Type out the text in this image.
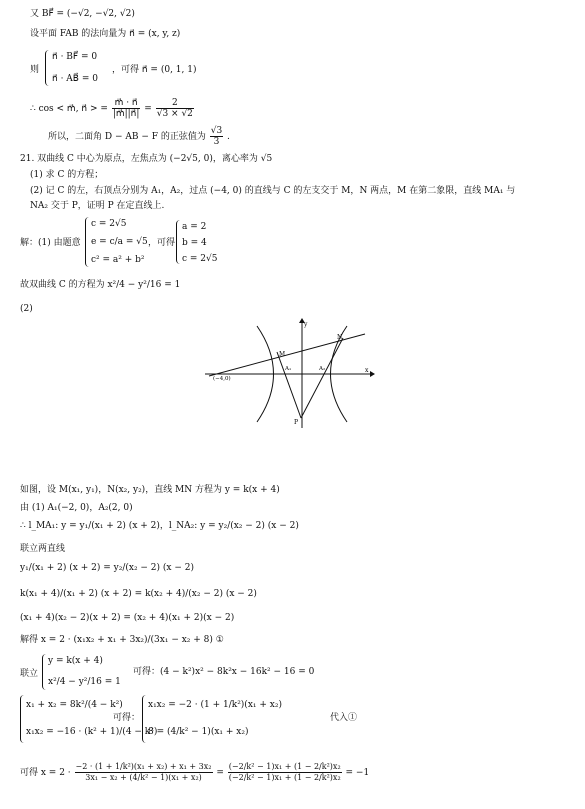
又 BF⃗ = (−√2, −√2, √2)
设平面 FAB 的法向量为 n⃗ = (x, y, z)
则
n⃗ · BF⃗ = 0
n⃗ · AB⃗ = 0
，可得 n⃗ = (0, 1, 1)
∴ cos < m⃗, n⃗ > = $\frac{m⃗ \cdot n⃗}{|m⃗||n⃗|} = \frac{2}{√3 \times √2}$
所以，二面角 D − AB − F 的正弦值为 $\frac{√3}{3}$ .
21. 双曲线 C 中心为原点，左焦点为 (−2√5, 0)，离心率为 √5
(1) 求 C 的方程；
(2) 记 C 的左，右顶点分别为 A₁，A₂，过点 (−4, 0) 的直线与 C 的左支交于 M，N 两点，M 在第二象限，直线 MA₁ 与
NA₂ 交于 P，证明 P 在定直线上.
解：(1) 由题意
c = 2√5
e = c/a = √5
c² = a² + b²
，可得
a = 2
b = 4
c = 2√5
故双曲线 C 的方程为 x²/4 − y²/16 = 1
(2)
x
y
(−4,0)
M
N
A₁	A₂
P
如图，设 M(x₁, y₁)，N(x₂, y₂)，直线 MN 方程为 y = k(x + 4)
由 (1) A₁(−2, 0)，A₂(2, 0)
∴ l_MA₁: y = y₁/(x₁ + 2) (x + 2)，l_NA₂: y = y₂/(x₂ − 2) (x − 2)
联立两直线
y₁/(x₁ + 2) (x + 2) = y₂/(x₂ − 2) (x − 2)
k(x₁ + 4)/(x₁ + 2) (x + 2) = k(x₂ + 4)/(x₂ − 2) (x − 2)
(x₁ + 4)(x₂ − 2)(x + 2) = (x₂ + 4)(x₁ + 2)(x − 2)
解得 x = 2 · (x₁x₂ + x₁ + 3x₂)/(3x₁ − x₂ + 8) ①
联立
y = k(x + 4)
x²/4 − y²/16 = 1
可得：(4 − k²)x² − 8k²x − 16k² − 16 = 0
x₁ + x₂ = 8k²/(4 − k²)
x₁x₂ = −16 · (k² + 1)/(4 − k²)
可得：
x₁x₂ = −2 · (1 + 1/k²)(x₁ + x₂)
8 = (4/k² − 1)(x₁ + x₂)
代入①
可得 $x = 2 \cdot \frac{\text{−2 · (1 + 1/k²)(x₁ + x₂) + x₁ + 3x₂}}{\text{3x₁ − x₂ + (4/k² − 1)(x₁ + x₂)}} = \frac{\text{(−2/k² − 1)x₁ + (1 − 2/k²)x₂}}{\text{(−2/k² − 1)x₁ + (1 − 2/k²)x₂}} = -1$
